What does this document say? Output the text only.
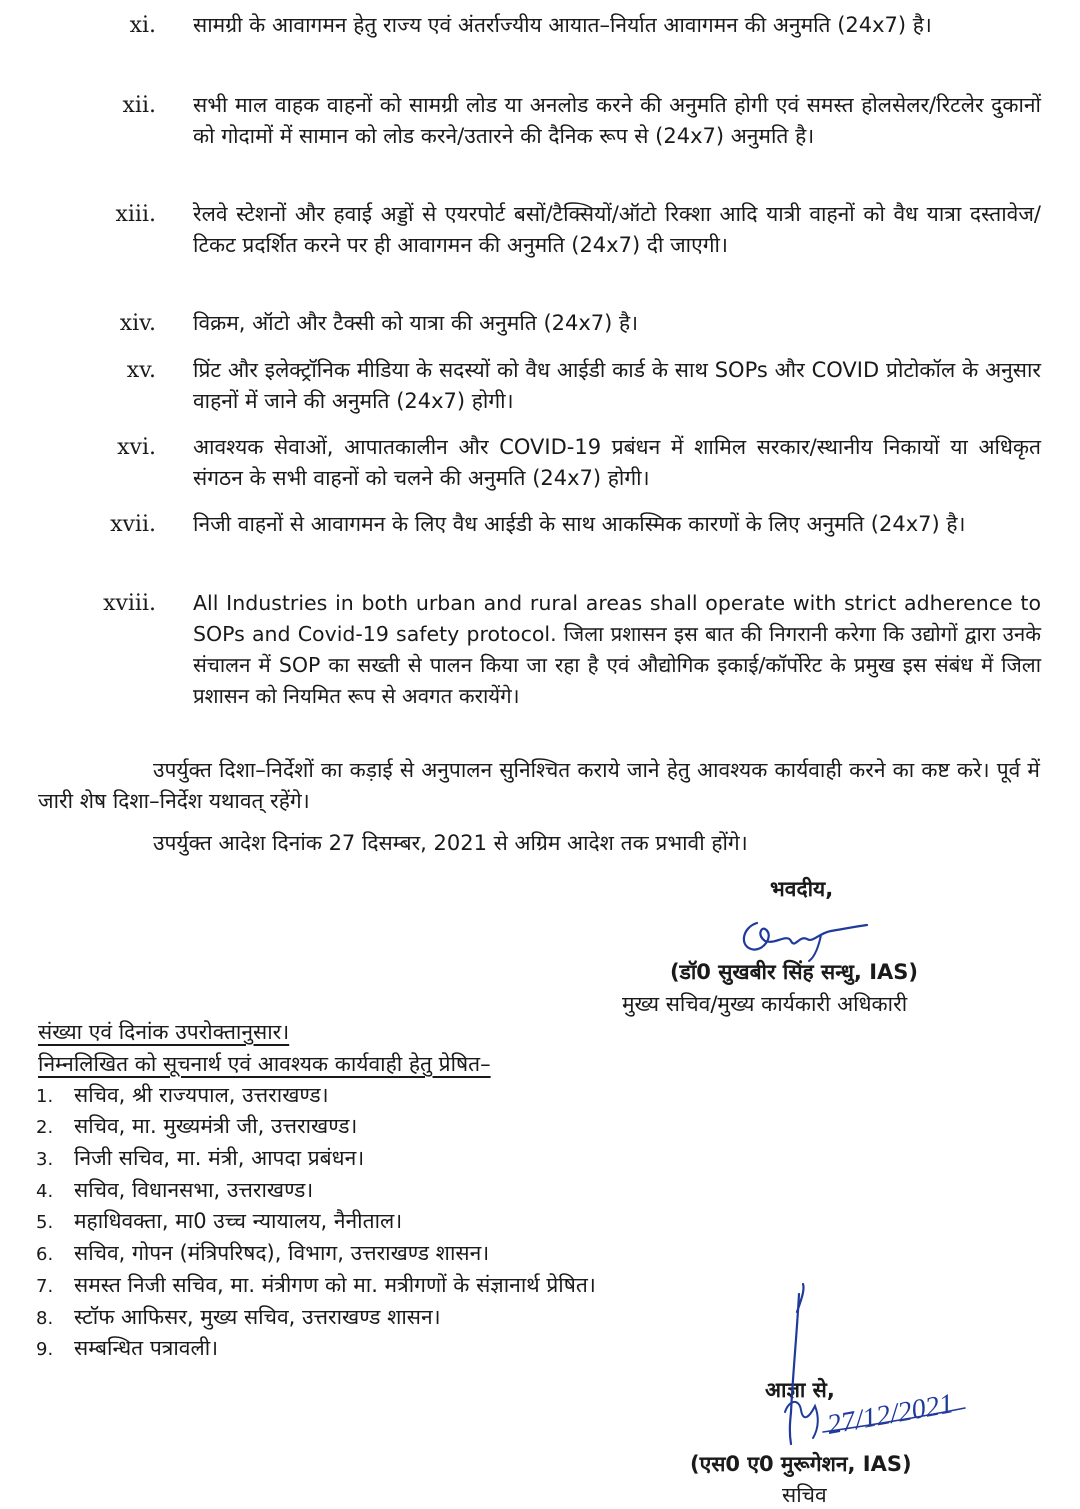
xi. सामग्री के आवागमन हेतु राज्य एवं अंतर्राज्यीय आयात–निर्यात आवागमन की अनुमति (24x7) है।
xii. सभी माल वाहक वाहनों को सामग्री लोड या अनलोड करने की अनुमति होगी एवं समस्त होलसेलर/रिटलेर दुकानों को गोदामों में सामान को लोड करने/उतारने की दैनिक रूप से (24x7) अनुमति है।
xiii. रेलवे स्टेशनों और हवाई अड्डों से एयरपोर्ट बसों/टैक्सियों/ऑटो रिक्शा आदि यात्री वाहनों को वैध यात्रा दस्तावेज/टिकट प्रदर्शित करने पर ही आवागमन की अनुमति (24x7) दी जाएगी।
xiv. विक्रम, ऑटो और टैक्सी को यात्रा की अनुमति (24x7) है।
xv. प्रिंट और इलेक्ट्रॉनिक मीडिया के सदस्यों को वैध आईडी कार्ड के साथ SOPs और COVID प्रोटोकॉल के अनुसार वाहनों में जाने की अनुमति (24x7) होगी।
xvi. आवश्यक सेवाओं, आपातकालीन और COVID-19 प्रबंधन में शामिल सरकार/स्थानीय निकायों या अधिकृत संगठन के सभी वाहनों को चलने की अनुमति (24x7) होगी।
xvii. निजी वाहनों से आवागमन के लिए वैध आईडी के साथ आकस्मिक कारणों के लिए अनुमति (24x7) है।
xviii. All Industries in both urban and rural areas shall operate with strict adherence to SOPs and Covid-19 safety protocol. जिला प्रशासन इस बात की निगरानी करेगा कि उद्योगों द्वारा उनके संचालन में SOP का सख्ती से पालन किया जा रहा है एवं औद्योगिक इकाई/कॉर्पोरेट के प्रमुख इस संबंध में जिला प्रशासन को नियमित रूप से अवगत करायेंगे।
उपर्युक्त दिशा–निर्देशों का कड़ाई से अनुपालन सुनिश्चित कराये जाने हेतु आवश्यक कार्यवाही करने का कष्ट करे। पूर्व में जारी शेष दिशा–निर्देश यथावत् रहेंगे।
उपर्युक्त आदेश दिनांक 27 दिसम्बर, 2021 से अग्रिम आदेश तक प्रभावी होंगे।
भवदीय,
(डॉ0 सुखबीर सिंह सन्धु, IAS)
मुख्य सचिव/मुख्य कार्यकारी अधिकारी
संख्या एवं दिनांक उपरोक्तानुसार।
निम्नलिखित को सूचनार्थ एवं आवश्यक कार्यवाही हेतु प्रेषित–
1. सचिव, श्री राज्यपाल, उत्तराखण्ड।
2. सचिव, मा. मुख्यमंत्री जी, उत्तराखण्ड।
3. निजी सचिव, मा. मंत्री, आपदा प्रबंधन।
4. सचिव, विधानसभा, उत्तराखण्ड।
5. महाधिवक्ता, मा0 उच्च न्यायालय, नैनीताल।
6. सचिव, गोपन (मंत्रिपरिषद), विभाग, उत्तराखण्ड शासन।
7. समस्त निजी सचिव, मा. मंत्रीगण को मा. मत्रीगणों के संज्ञानार्थ प्रेषित।
8. स्टॉफ आफिसर, मुख्य सचिव, उत्तराखण्ड शासन।
9. सम्बन्धित पत्रावली।
आज्ञा से,
27/12/2021
(एस0 ए0 मुरूगेशन, IAS)
सचिव
